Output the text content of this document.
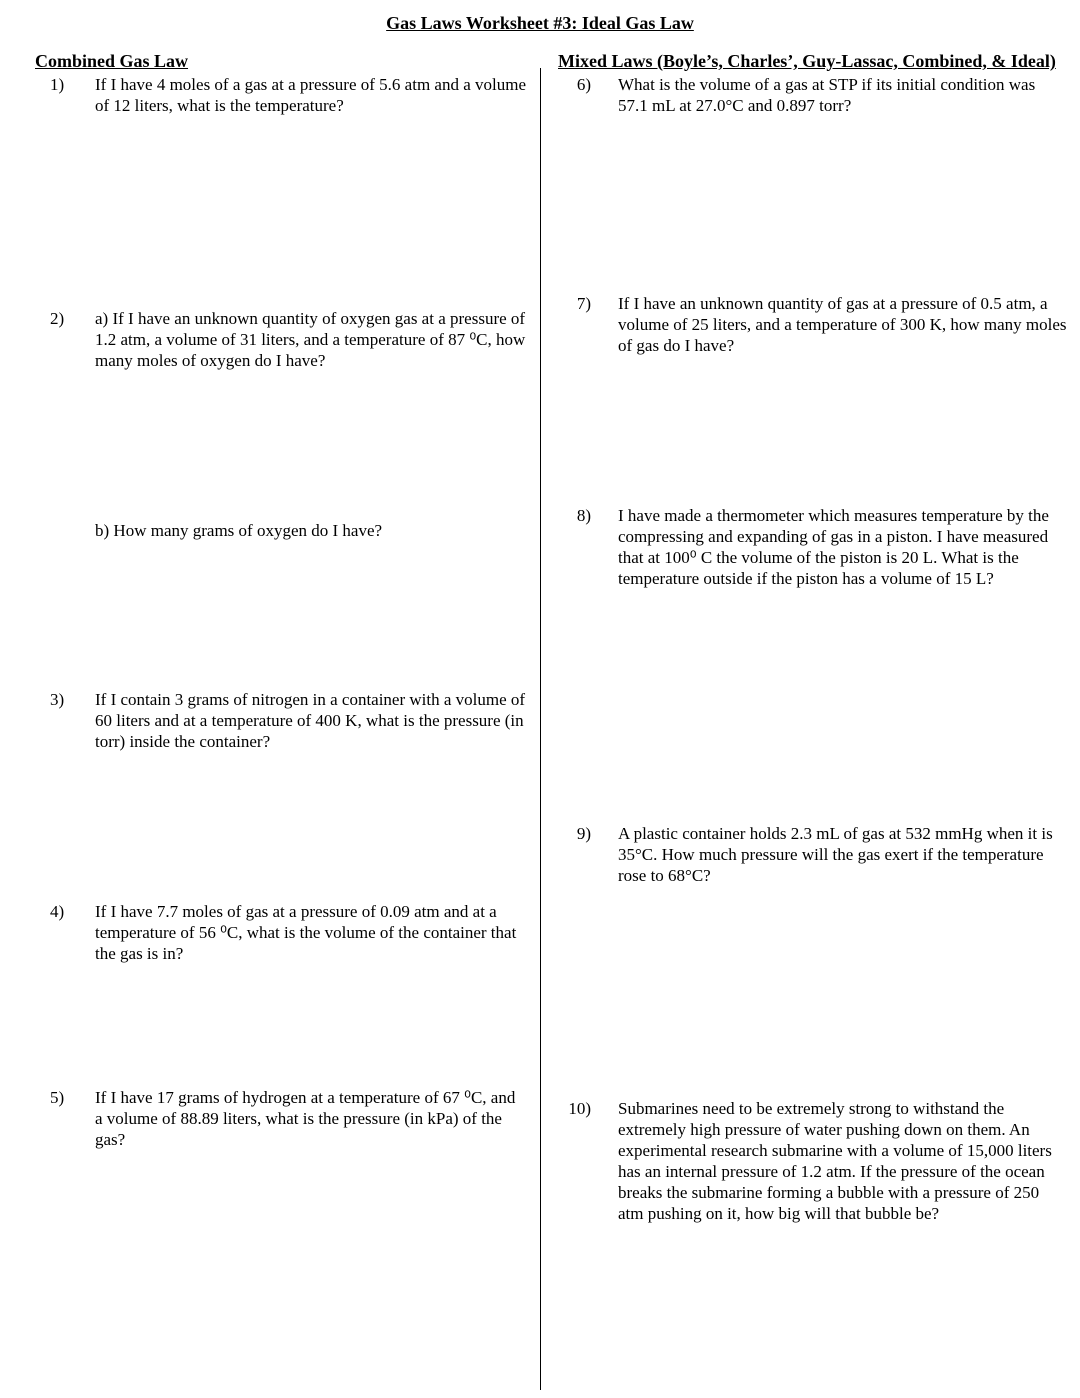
Gas Laws Worksheet #3: Ideal Gas Law
Combined Gas Law	Mixed Laws (Boyle’s, Charles’, Guy-Lassac, Combined, & Ideal)
1)	If I have 4 moles of a gas at a pressure of 5.6 atm and a volume of 12 liters, what is the temperature?
2)	a) If I have an unknown quantity of oxygen gas at a pressure of 1.2 atm, a volume of 31 liters, and a temperature of 87 ⁰C, how many moles of oxygen do I have?
b) How many grams of oxygen do I have?
3)	If I contain 3 grams of nitrogen in a container with a volume of 60 liters and at a temperature of 400 K, what is the pressure (in torr) inside the container?
4)	If I have 7.7 moles of gas at a pressure of 0.09 atm and at a temperature of 56 ⁰C, what is the volume of the container that the gas is in?
5)	If I have 17 grams of hydrogen at a temperature of 67 ⁰C, and a volume of 88.89 liters, what is the pressure (in kPa) of the gas?
6) What is the volume of a gas at STP if its initial condition was 57.1 mL at 27.0°C and 0.897 torr?
7) If I have an unknown quantity of gas at a pressure of 0.5 atm, a volume of 25 liters, and a temperature of 300 K, how many moles of gas do I have?
8) I have made a thermometer which measures temperature by the compressing and expanding of gas in a piston. I have measured that at 100⁰ C the volume of the piston is 20 L. What is the temperature outside if the piston has a volume of 15 L?
9) A plastic container holds 2.3 mL of gas at 532 mmHg when it is 35°C. How much pressure will the gas exert if the temperature rose to 68°C?
10) Submarines need to be extremely strong to withstand the extremely high pressure of water pushing down on them. An experimental research submarine with a volume of 15,000 liters has an internal pressure of 1.2 atm. If the pressure of the ocean breaks the submarine forming a bubble with a pressure of 250 atm pushing on it, how big will that bubble be?
